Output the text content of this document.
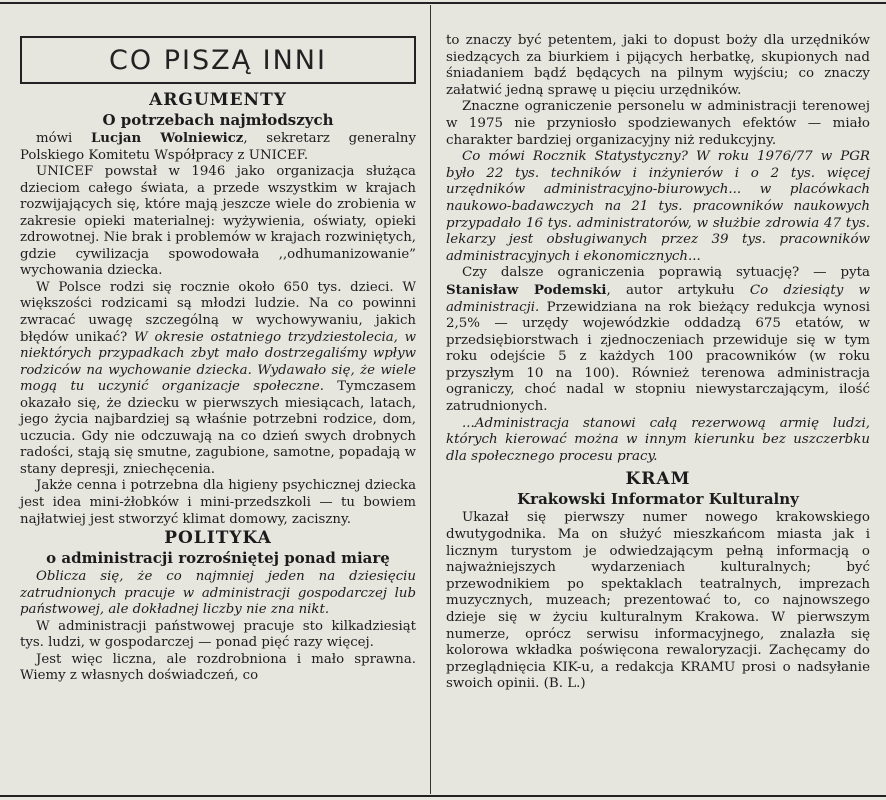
CO PISZĄ INNI
ARGUMENTY
O potrzebach najmłodszych

mówi Lucjan Wolniewicz, sekretarz generalny Polskiego Komitetu Współpracy z UNICEF.

UNICEF powstał w 1946 jako organizacja służąca dzieciom całego świata, a przede wszystkim w krajach rozwijających się, które mają jeszcze wiele do zrobienia w zakresie opieki materialnej: wyżywienia, oświaty, opieki zdrowotnej. Nie brak i problemów w krajach rozwiniętych, gdzie cywilizacja spowodowała ,,odhumanizowanie” wychowania dziecka.

W Polsce rodzi się rocznie około 650 tys. dzieci. W większości rodzicami są młodzi ludzie. Na co powinni zwracać uwagę szczególną w wychowywaniu, jakich błędów unikać? W okresie ostatniego trzydziestolecia, w niektórych przypadkach zbyt mało dostrzegaliśmy wpływ rodziców na wychowanie dziecka. Wydawało się, że wiele mogą tu uczynić organizacje społeczne. Tymczasem okazało się, że dziecku w pierwszych miesiącach, latach, jego życia najbardziej są właśnie potrzebni rodzice, dom, uczucia. Gdy nie odczuwają na co dzień swych drobnych radości, stają się smutne, zagubione, samotne, popadają w stany depresji, zniechęcenia.

Jakże cenna i potrzebna dla higieny psychicznej dziecka jest idea mini-żłobków i mini-przedszkoli — tu bowiem najłatwiej jest stworzyć klimat domowy, zaciszny.

POLITYKA
o administracji rozrośniętej ponad miarę

Oblicza się, że co najmniej jeden na dziesięciu zatrudnionych pracuje w administracji gospodarczej lub państwowej, ale dokładnej liczby nie zna nikt.

W administracji państwowej pracuje sto kilkadziesiąt tys. ludzi, w gospodarczej — ponad pięć razy więcej.

Jest więc liczna, ale rozdrobniona i mało sprawna. Wiemy z własnych doświadczeń, co

to znaczy być petentem, jaki to dopust boży dla urzędników siedzących za biurkiem i pijących herbatkę, skupionych nad śniadaniem bądź będących na pilnym wyjściu; co znaczy załatwić jedną sprawę u pięciu urzędników.

Znaczne ograniczenie personelu w administracji terenowej w 1975 nie przyniosło spodziewanych efektów — miało charakter bardziej organizacyjny niż redukcyjny.

Co mówi Rocznik Statystyczny? W roku 1976/77 w PGR było 22 tys. techników i inżynierów i o 2 tys. więcej urzędników administracyjno-biurowych... w placówkach naukowo-badawczych na 21 tys. pracowników naukowych przypadało 16 tys. administratorów, w służbie zdrowia 47 tys. lekarzy jest obsługiwanych przez 39 tys. pracowników administracyjnych i ekonomicznych...

Czy dalsze ograniczenia poprawią sytuację? — pyta Stanisław Podemski, autor artykułu Co dziesiąty w administracji. Przewidziana na rok bieżący redukcja wynosi 2,5% — urzędy wojewódzkie oddadzą 675 etatów, w przedsiębiorstwach i zjednoczeniach przewiduje się w tym roku odejście 5 z każdych 100 pracowników (w roku przyszłym 10 na 100). Również terenowa administracja ograniczy, choć nadal w stopniu niewystarczającym, ilość zatrudnionych.

...Administracja stanowi całą rezerwową armię ludzi, których kierować można w innym kierunku bez uszczerbku dla społecznego procesu pracy.

KRAM
Krakowski Informator Kulturalny

Ukazał się pierwszy numer nowego krakowskiego dwutygodnika. Ma on służyć mieszkańcom miasta jak i licznym turystom je odwiedzającym pełną informacją o najważniejszych wydarzeniach kulturalnych; być przewodnikiem po spektaklach teatralnych, imprezach muzycznych, muzeach; prezentować to, co najnowszego dzieje się w życiu kulturalnym Krakowa. W pierwszym numerze, oprócz serwisu informacyjnego, znalazła się kolorowa wkładka poświęcona rewaloryzacji. Zachęcamy do przeglądnięcia KIK-u, a redakcja KRAMU prosi o nadsyłanie swoich opinii. (B. L.)
